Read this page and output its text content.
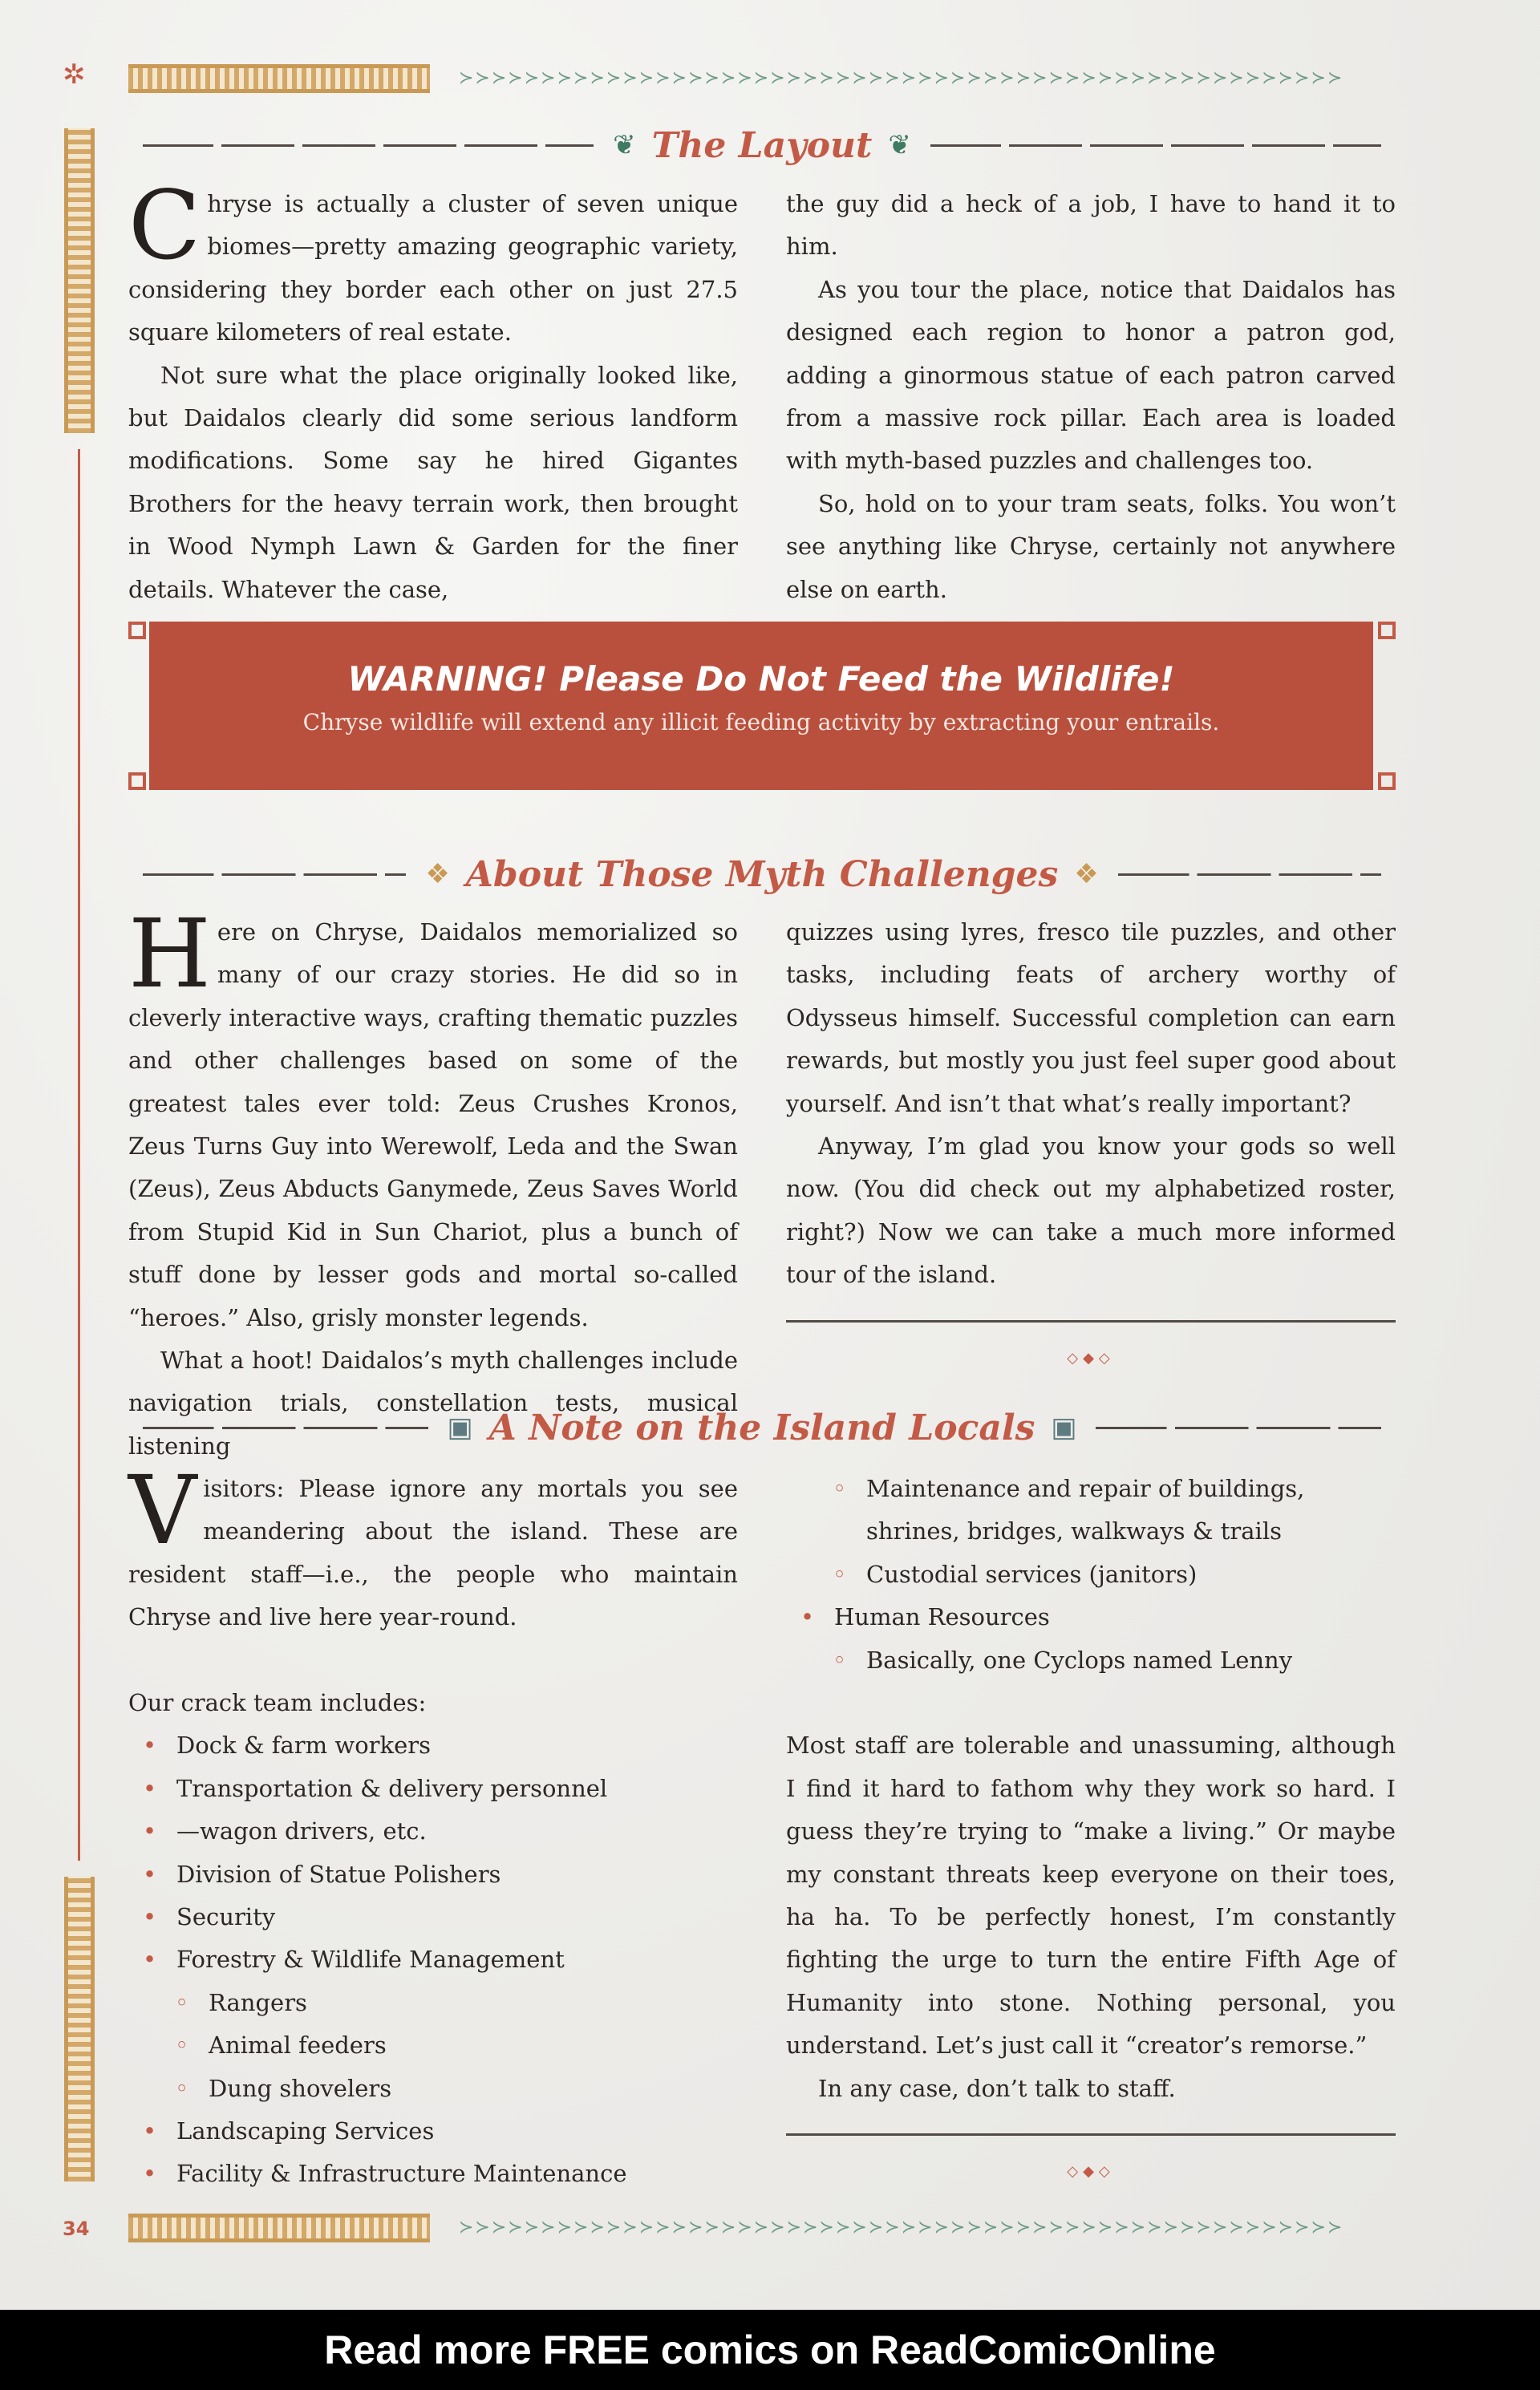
✲	≻≻≻≻≻≻≻≻≻≻≻≻≻≻≻≻≻≻≻≻≻≻≻≻≻≻≻≻≻≻≻≻≻≻≻≻≻≻≻≻≻≻≻≻≻≻≻≻≻≻≻≻≻≻
❦ The Layout ❦

Chryse is actually a cluster of seven unique biomes—pretty amazing geographic variety, considering they border each other on just 27.5 square kilometers of real estate.

Not sure what the place originally looked like, but Daidalos clearly did some serious landform modifications. Some say he hired Gigantes Brothers for the heavy terrain work, then brought in Wood Nymph Lawn & Garden for the finer details. Whatever the case,

the guy did a heck of a job, I have to hand it to him.

As you tour the place, notice that Daidalos has designed each region to honor a patron god, adding a ginormous statue of each patron carved from a massive rock pillar. Each area is loaded with myth-based puzzles and challenges too.

So, hold on to your tram seats, folks. You won’t see anything like Chryse, certainly not anywhere else on earth.

WARNING! Please Do Not Feed the Wildlife!
Chryse wildlife will extend any illicit feeding activity by extracting your entrails.
❖ About Those Myth Challenges ❖

Here on Chryse, Daidalos memorialized so many of our crazy stories. He did so in cleverly interactive ways, crafting thematic puzzles and other challenges based on some of the greatest tales ever told: Zeus Crushes Kronos, Zeus Turns Guy into Werewolf, Leda and the Swan (Zeus), Zeus Abducts Ganymede, Zeus Saves World from Stupid Kid in Sun Chariot, plus a bunch of stuff done by lesser gods and mortal so-called “heroes.” Also, grisly monster legends.

What a hoot! Daidalos’s myth challenges include navigation trials, constellation tests, musical listening

quizzes using lyres, fresco tile puzzles, and other tasks, including feats of archery worthy of Odysseus himself. Successful completion can earn rewards, but mostly you just feel super good about yourself. And isn’t that what’s really important?

Anyway, I’m glad you know your gods so well now. (You did check out my alphabetized roster, right?) Now we can take a much more informed tour of the island.

◇◆◇
▣ A Note on the Island Locals ▣

Visitors: Please ignore any mortals you see meandering about the island. These are resident staff—i.e., the people who maintain Chryse and live here year-round.

Our crack team includes:

• Dock & farm workers
• Transportation & delivery personnel
• —wagon drivers, etc.
• Division of Statue Polishers
• Security
• Forestry & Wildlife Management
◦ Rangers
◦ Animal feeders
◦ Dung shovelers
• Landscaping Services
• Facility & Infrastructure Maintenance
◦ Maintenance and repair of buildings, shrines, bridges, walkways & trails
◦ Custodial services (janitors)
• Human Resources
◦ Basically, one Cyclops named Lenny

Most staff are tolerable and unassuming, although I find it hard to fathom why they work so hard. I guess they’re trying to “make a living.” Or maybe my constant threats keep everyone on their toes, ha ha. To be perfectly honest, I’m constantly fighting the urge to turn the entire Fifth Age of Humanity into stone. Nothing personal, you understand. Let’s just call it “creator’s remorse.”

In any case, don’t talk to staff.

◇◆◇
34	≻≻≻≻≻≻≻≻≻≻≻≻≻≻≻≻≻≻≻≻≻≻≻≻≻≻≻≻≻≻≻≻≻≻≻≻≻≻≻≻≻≻≻≻≻≻≻≻≻≻≻≻≻≻
Read more FREE comics on ReadComicOnline
